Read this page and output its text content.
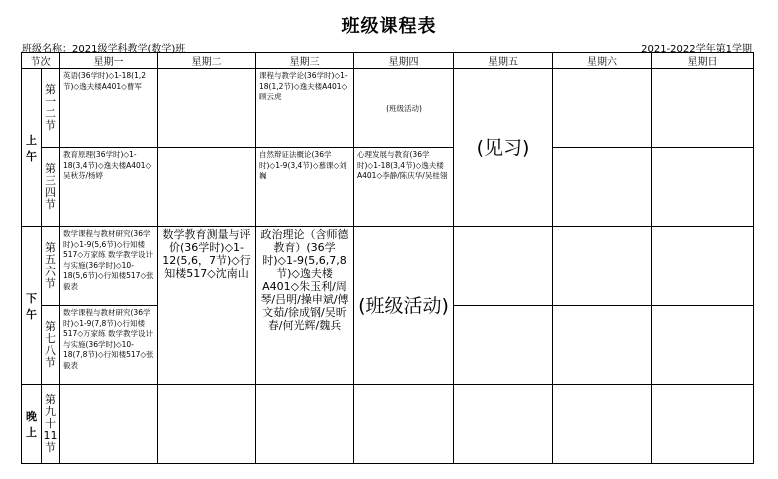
班级课程表
班级名称：2021级学科教学(数学)班	2021-2022学年第1学期
节次		星期一	星期二	星期三	星期四	星期五	星期六	星期日
上午	第一二节	英语(36学时)◇1-18(1,2节)◇逸夫楼A401◇曹军		课程与教学论(36学时)◇1-18(1,2节)◇逸夫楼A401◇顾云虎	(班级活动)	(见习)		
	第三四节	教育原理(36学时)◇1-18(3,4节)◇逸夫楼A401◇吴秋芬/杨婷		自然辩证法概论(36学时)◇1-9(3,4节)◇慕课◇刘巍	心理发展与教育(36学时)◇1-18(3,4节)◇逸夫楼A401◇李静/陈庆华/吴桂翎			
下午	第五六节	数学课程与教材研究(36学时)◇1-9(5,6节)◇行知楼517◇万家练 数学教学设计与实施(36学时)◇10-18(5,6节)◇行知楼517◇张毅表	数学教育测量与评价(36学时)◇1-12(5,6，7节)◇行知楼517◇沈南山	政治理论（含师德教育）(36学时)◇1-9(5,6,7,8节)◇逸夫楼A401◇朱玉利/周琴/吕明/操申斌/傅文茹/徐成钢/吴昕春/何光辉/魏兵	(班级活动)			
	第七八节	数学课程与教材研究(36学时)◇1-9(7,8节)◇行知楼517◇万家练 数学教学设计与实施(36学时)◇10-18(7,8节)◇行知楼517◇张毅表						
晚上	第九十11节							
